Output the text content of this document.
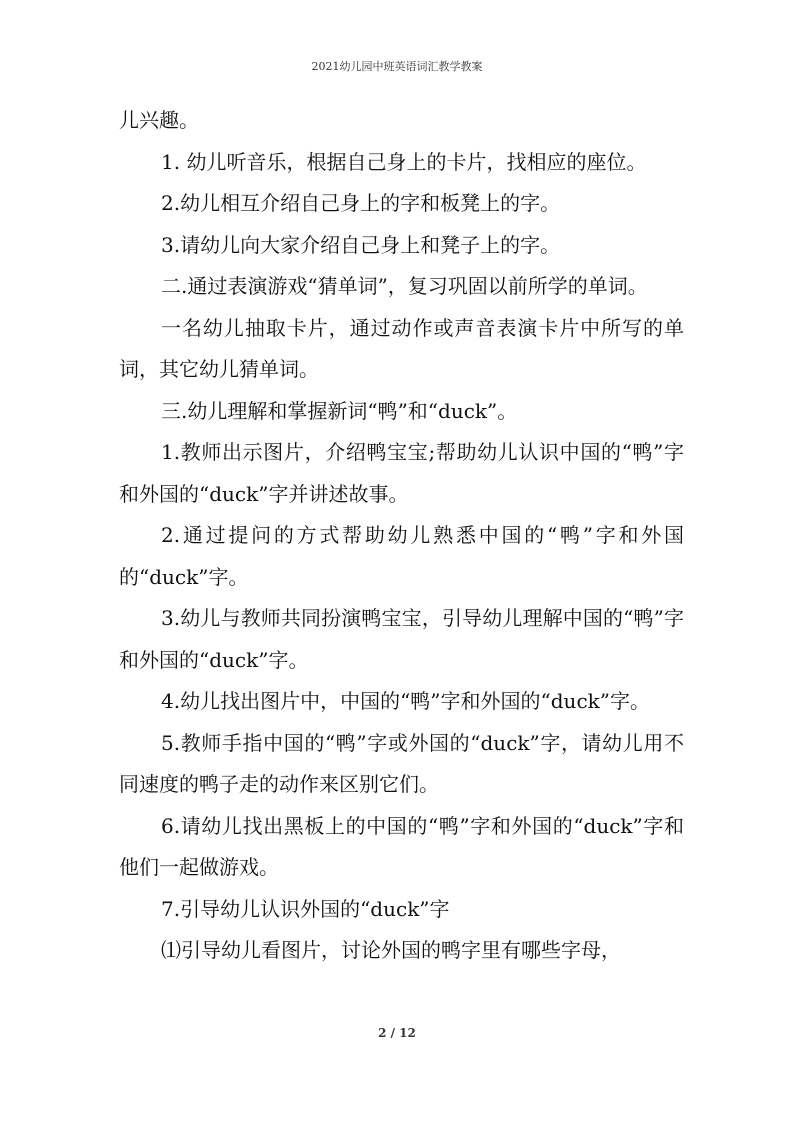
2021幼儿园中班英语词汇教学教案

儿兴趣。

1. 幼儿听音乐，根据自己身上的卡片，找相应的座位。

2.幼儿相互介绍自己身上的字和板凳上的字。

3.请幼儿向大家介绍自己身上和凳子上的字。

二.通过表演游戏“猜单词”，复习巩固以前所学的单词。

一名幼儿抽取卡片，通过动作或声音表演卡片中所写的单词，其它幼儿猜单词。

三.幼儿理解和掌握新词“鸭”和“duck”。

1.教师出示图片，介绍鸭宝宝;帮助幼儿认识中国的“鸭”字和外国的“duck”字并讲述故事。

2.通过提问的方式帮助幼儿熟悉中国的“鸭”字和外国的“duck”字。

3.幼儿与教师共同扮演鸭宝宝，引导幼儿理解中国的“鸭”字和外国的“duck”字。

4.幼儿找出图片中，中国的“鸭”字和外国的“duck”字。

5.教师手指中国的“鸭”字或外国的“duck”字，请幼儿用不同速度的鸭子走的动作来区别它们。

6.请幼儿找出黑板上的中国的“鸭”字和外国的“duck”字和他们一起做游戏。

7.引导幼儿认识外国的“duck”字

⑴引导幼儿看图片，讨论外国的鸭字里有哪些字母，

2 / 12
